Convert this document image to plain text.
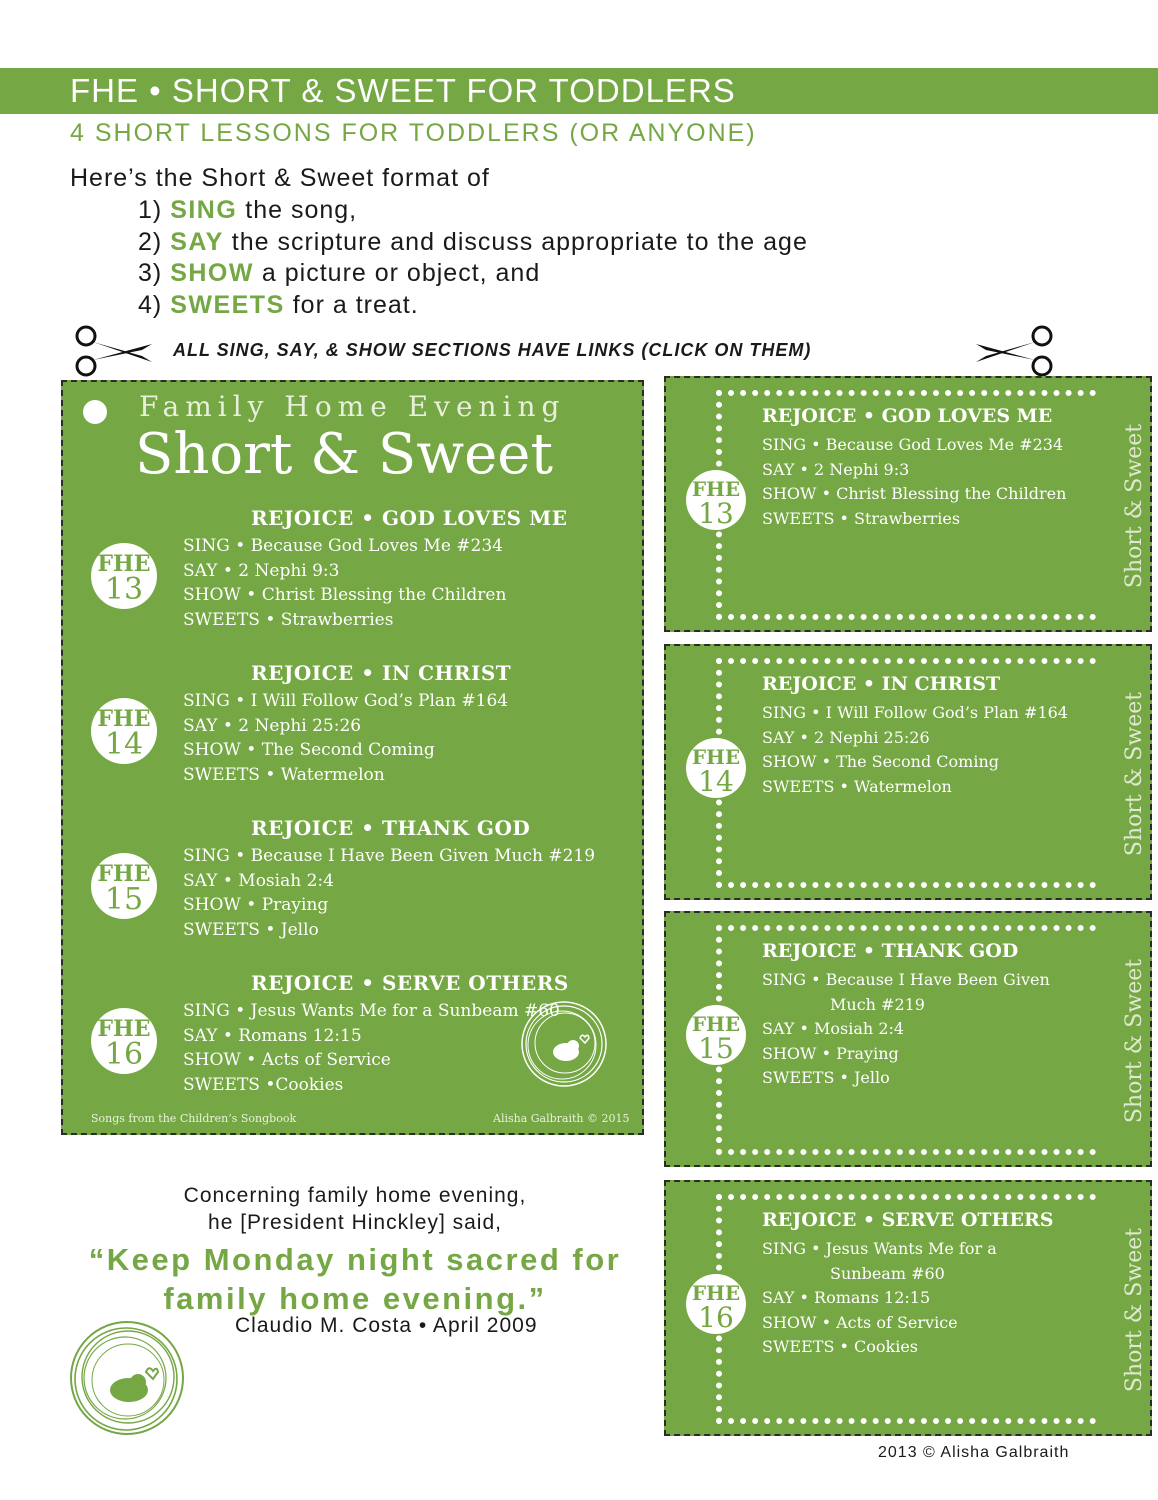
FHE • SHORT & SWEET FOR TODDLERS
4 SHORT LESSONS FOR TODDLERS (OR ANYONE)
Here’s the Short & Sweet format of
1) SING the song,
2) SAY the scripture and discuss appropriate to the age
3) SHOW a picture or object, and
4) SWEETS for a treat.
ALL SING, SAY, & SHOW SECTIONS HAVE LINKS (CLICK ON THEM)
Family Home Evening
Short & Sweet
FHE
13
REJOICE • GOD LOVES ME
SING • Because God Loves Me #234
SAY • 2 Nephi 9:3
SHOW • Christ Blessing the Children
SWEETS • Strawberries
FHE
14
REJOICE • IN CHRIST
SING • I Will Follow God’s Plan #164
SAY • 2 Nephi 25:26
SHOW • The Second Coming
SWEETS • Watermelon
FHE
15
REJOICE • THANK GOD
SING • Because I Have Been Given Much #219
SAY • Mosiah 2:4
SHOW • Praying
SWEETS • Jello
FHE
16
REJOICE • SERVE OTHERS
SING • Jesus Wants Me for a Sunbeam #60
SAY • Romans 12:15
SHOW • Acts of Service
SWEETS •Cookies
Songs from the Children’s Songbook	Alisha Galbraith © 2015
FHE
13
REJOICE • GOD LOVES ME
SING • Because God Loves Me #234
SAY • 2 Nephi 9:3
SHOW • Christ Blessing the Children
SWEETS • Strawberries	Short & Sweet
FHE
14
REJOICE • IN CHRIST
SING • I Will Follow God’s Plan #164
SAY • 2 Nephi 25:26
SHOW • The Second Coming
SWEETS • Watermelon	Short & Sweet
FHE
15
REJOICE • THANK GOD
SING • Because I Have Been Given
Much #219
SAY • Mosiah 2:4
SHOW • Praying
SWEETS • Jello	Short & Sweet
FHE
16
REJOICE • SERVE OTHERS
SING • Jesus Wants Me for a
Sunbeam #60
SAY • Romans 12:15
SHOW • Acts of Service
SWEETS • Cookies	Short & Sweet
Concerning family home evening,
he [President Hinckley] said,
“Keep Monday night sacred for
family home evening.”
Claudio M. Costa • April 2009
2013 © Alisha Galbraith
